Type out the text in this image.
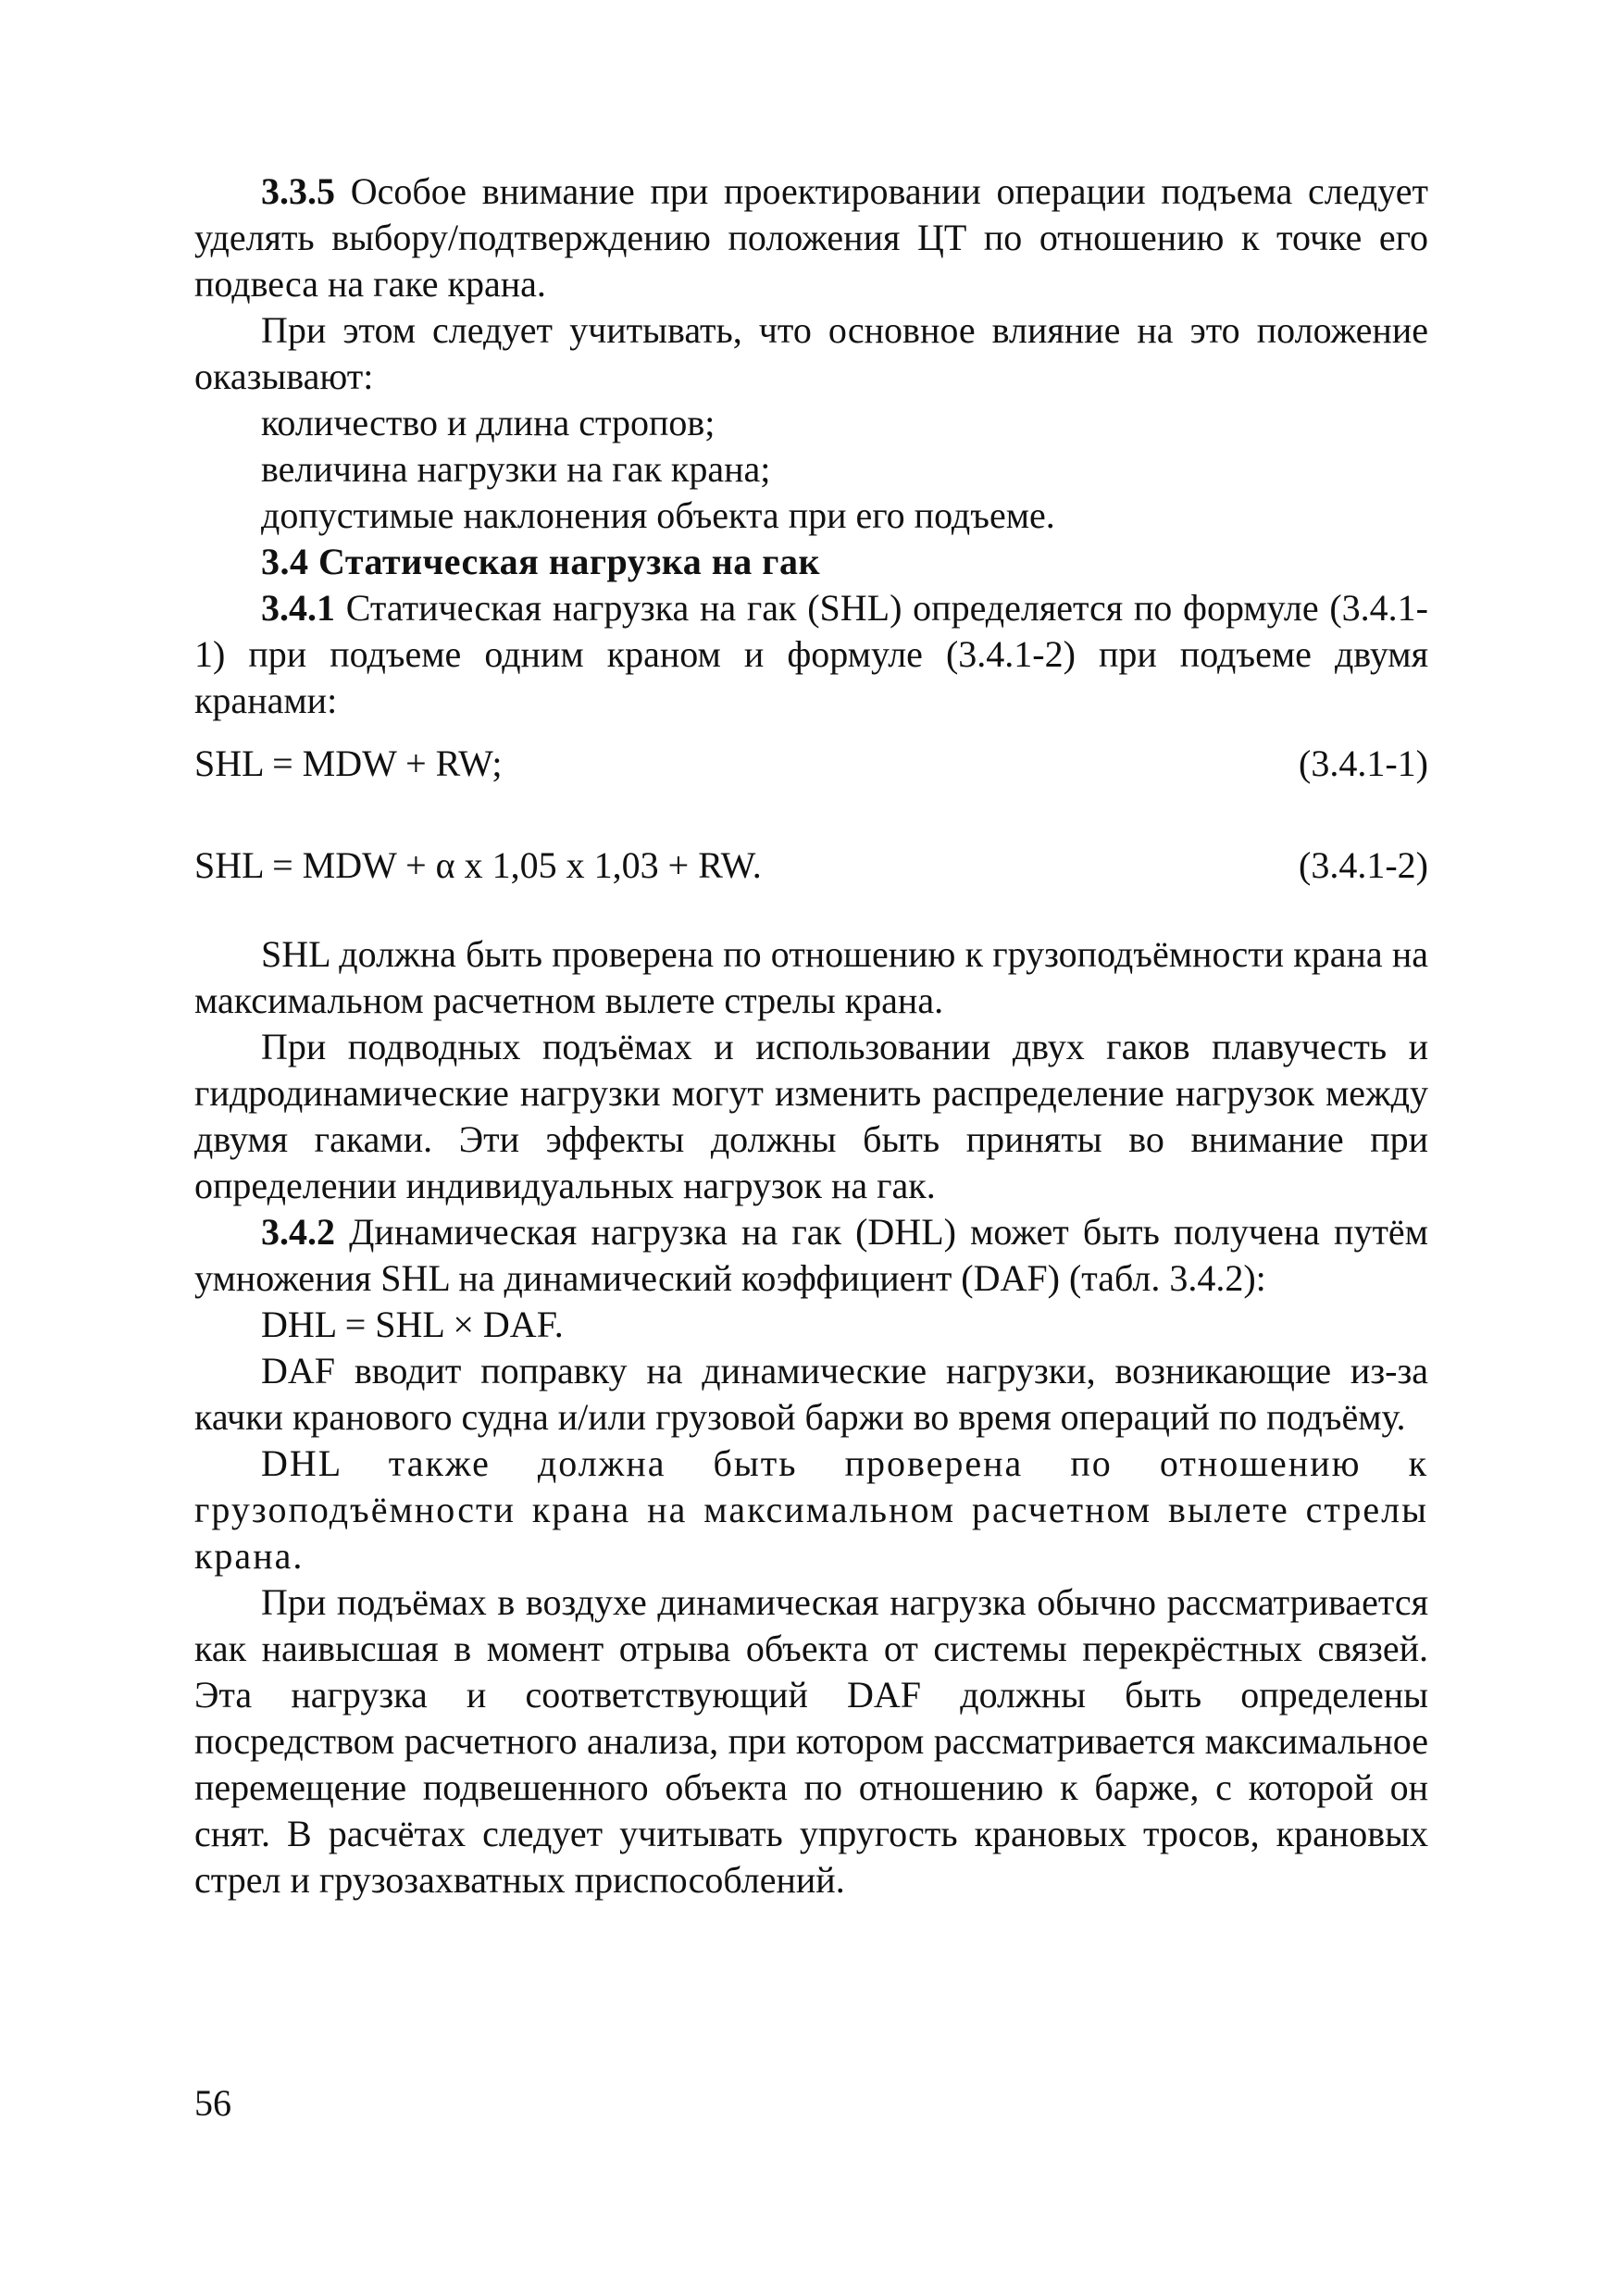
3.3.5 Особое внимание при проектировании операции подъема следует уделять выбору/подтверждению положения ЦТ по отношению к точке его подвеса на гаке крана.

При этом следует учитывать, что основное влияние на это положение оказывают:

количество и длина стропов;

величина нагрузки на гак крана;

допустимые наклонения объекта при его подъеме.

3.4 Статическая нагрузка на гак

3.4.1 Статическая нагрузка на гак (SHL) определяется по формуле (3.4.1-1) при подъеме одним краном и формуле (3.4.1-2) при подъеме двумя кранами:

SHL = MDW + RW;	(3.4.1-1)
SHL = MDW + α x 1,05 x 1,03 + RW.	(3.4.1-2)

SHL должна быть проверена по отношению к грузоподъёмности крана на максимальном расчетном вылете стрелы крана.

При подводных подъёмах и использовании двух гаков плавучесть и гидродинамические нагрузки могут изменить распределение нагрузок между двумя гаками. Эти эффекты должны быть приняты во внимание при определении индивидуальных нагрузок на гак.

3.4.2 Динамическая нагрузка на гак (DHL) может быть получена путём умножения SHL на динамический коэффициент (DAF) (табл. 3.4.2):

DHL = SHL × DAF.

DAF вводит поправку на динамические нагрузки, возникающие из-за качки кранового судна и/или грузовой баржи во время операций по подъёму.

DHL также должна быть проверена по отношению к грузоподъёмности крана на максимальном расчетном вылете стрелы крана.

При подъёмах в воздухе динамическая нагрузка обычно рассматривается как наивысшая в момент отрыва объекта от системы перекрёстных связей. Эта нагрузка и соответствующий DAF должны быть определены посредством расчетного анализа, при котором рассматривается максимальное перемещение подвешенного объекта по отношению к барже, с которой он снят. В расчётах следует учитывать упругость крановых тросов, крановых стрел и грузозахватных приспособлений.

56
